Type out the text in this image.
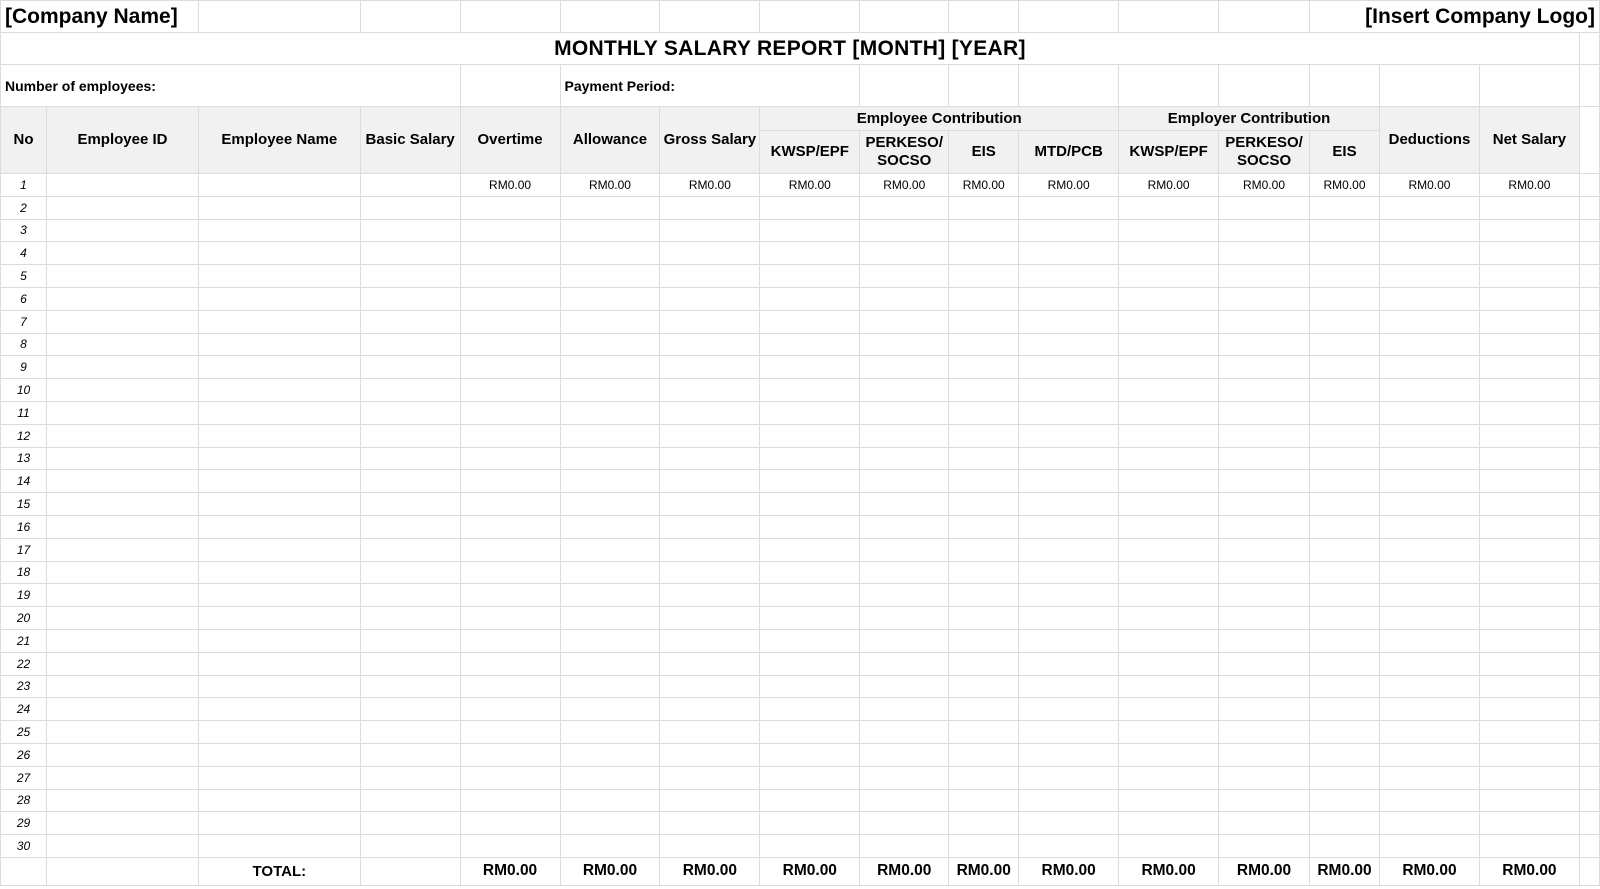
[Company Name]													[Insert Company Logo]			
MONTHLY SALARY REPORT [MONTH] [YEAR]																
Number of employees:					Payment Period:											
No	Employee ID	Employee Name	Basic Salary	Overtime	Allowance	Gross Salary	Employee Contribution				Employer Contribution			Deductions	Net Salary	
							KWSP/EPF	PERKESO/ SOCSO	EIS	MTD/PCB	KWSP/EPF	PERKESO/ SOCSO	EIS			
1				RM0.00	RM0.00	RM0.00	RM0.00	RM0.00	RM0.00	RM0.00	RM0.00	RM0.00	RM0.00	RM0.00	RM0.00	
2																
3																
4																
5																
6																
7																
8																
9																
10																
11																
12																
13																
14																
15																
16																
17																
18																
19																
20																
21																
22																
23																
24																
25																
26																
27																
28																
29																
30																
		TOTAL:		RM0.00	RM0.00	RM0.00	RM0.00	RM0.00	RM0.00	RM0.00	RM0.00	RM0.00	RM0.00	RM0.00	RM0.00	
